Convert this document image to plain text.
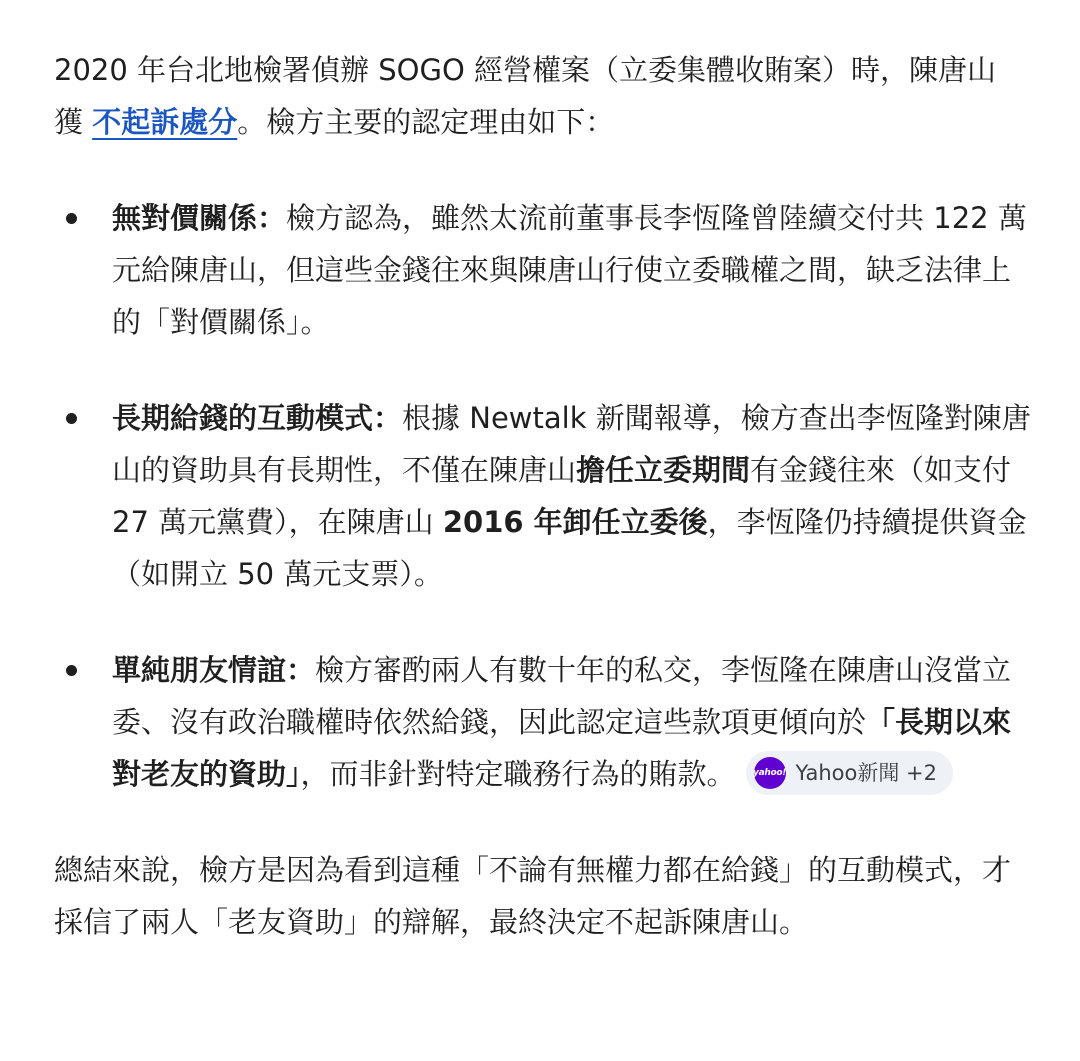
2020 年台北地檢署偵辦 SOGO 經營權案（立委集體收賄案）時，陳唐山獲 不起訴處分。檢方主要的認定理由如下：

無對價關係：檢方認為，雖然太流前董事長李恆隆曾陸續交付共 122 萬元給陳唐山，但這些金錢往來與陳唐山行使立委職權之間，缺乏法律上的「對價關係」。

長期給錢的互動模式：根據 Newtalk 新聞報導，檢方查出李恆隆對陳唐山的資助具有長期性，不僅在陳唐山擔任立委期間有金錢往來（如支付 27 萬元黨費），在陳唐山 2016 年卸任立委後，李恆隆仍持續提供資金（如開立 50 萬元支票）。

單純朋友情誼：檢方審酌兩人有數十年的私交，李恆隆在陳唐山沒當立委、沒有政治職權時依然給錢，因此認定這些款項更傾向於「長期以來對老友的資助」，而非針對特定職務行為的賄款。 yahoo! Yahoo新聞 +2

總結來說，檢方是因為看到這種「不論有無權力都在給錢」的互動模式，才採信了兩人「老友資助」的辯解，最終決定不起訴陳唐山。
